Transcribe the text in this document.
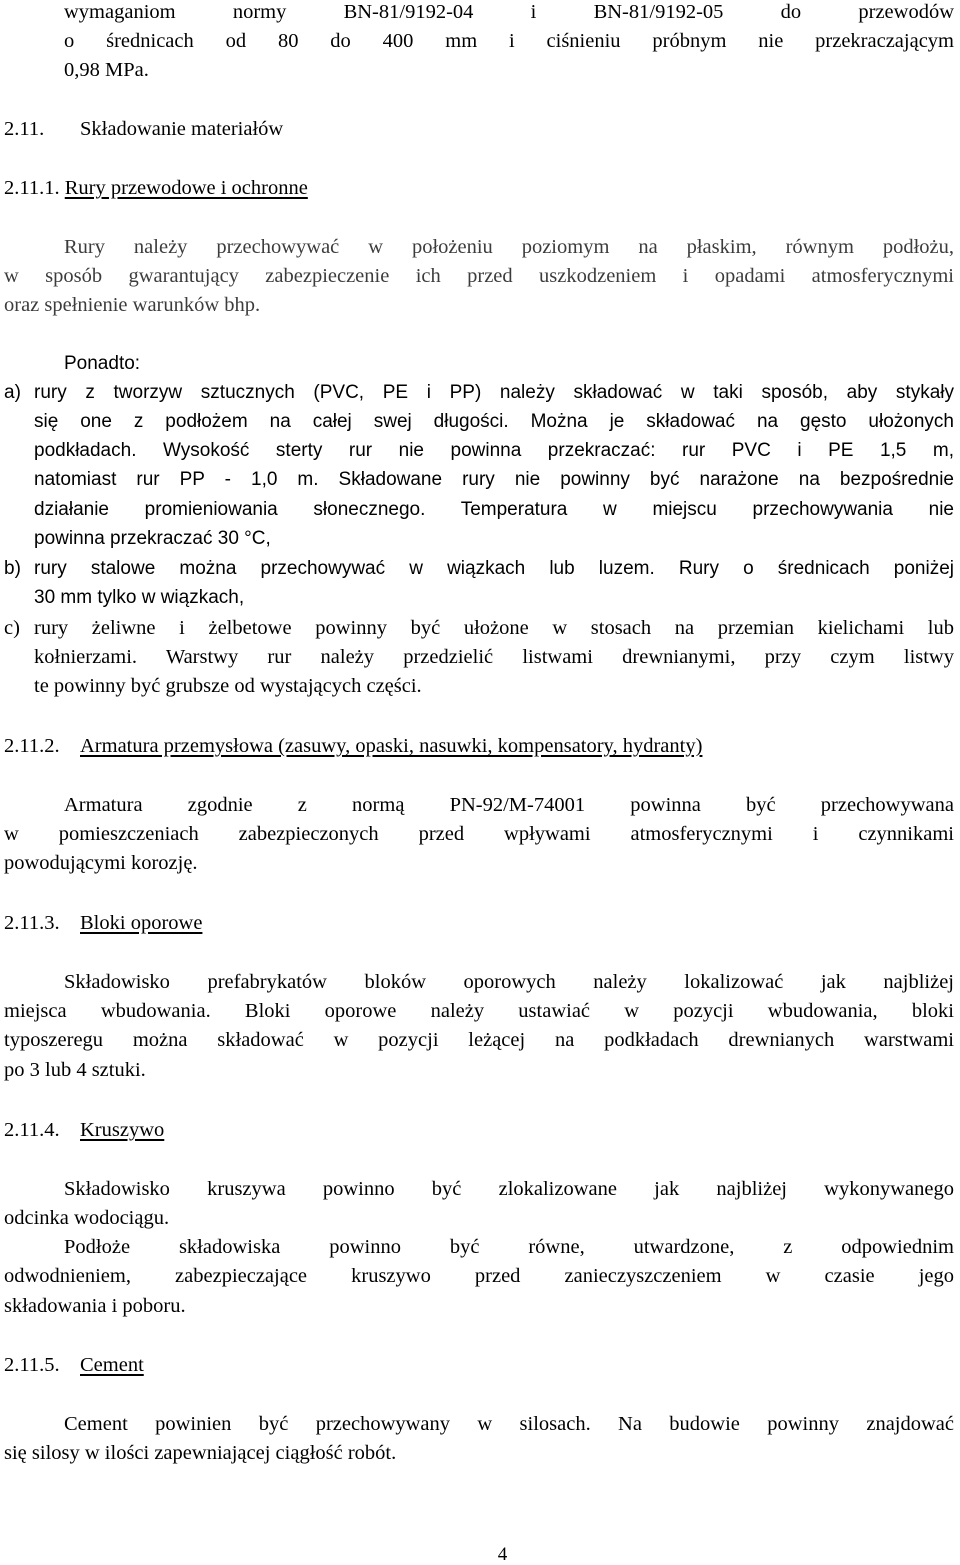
wymaganiom normy BN-81/9192-04 i BN-81/9192-05 do przewodów
o średnicach od 80 do 400 mm i ciśnieniu próbnym nie przekraczającym
0,98 MPa.
2.11. Składowanie materiałów
2.11.1. Rury przewodowe i ochronne
Rury należy przechowywać w położeniu poziomym na płaskim, równym podłożu,
w sposób gwarantujący zabezpieczenie ich przed uszkodzeniem i opadami atmosferycznymi
oraz spełnienie warunków bhp.
Ponadto:
a) rury z tworzyw sztucznych (PVC, PE i PP) należy składować w taki sposób, aby stykały
się one z podłożem na całej swej długości. Można je składować na gęsto ułożonych
podkładach. Wysokość sterty rur nie powinna przekraczać: rur PVC i PE 1,5 m,
natomiast rur PP - 1,0 m. Składowane rury nie powinny być narażone na bezpośrednie
działanie promieniowania słonecznego. Temperatura w miejscu przechowywania nie
powinna przekraczać 30 °C,
b) rury stalowe można przechowywać w wiązkach lub luzem. Rury o średnicach poniżej
30 mm tylko w wiązkach,
c) rury żeliwne i żelbetowe powinny być ułożone w stosach na przemian kielichami lub
kołnierzami. Warstwy rur należy przedzielić listwami drewnianymi, przy czym listwy
te powinny być grubsze od wystających części.
2.11.2. Armatura przemysłowa (zasuwy, opaski, nasuwki, kompensatory, hydranty)
Armatura zgodnie z normą PN-92/M-74001 powinna być przechowywana
w pomieszczeniach zabezpieczonych przed wpływami atmosferycznymi i czynnikami
powodującymi korozję.
2.11.3. Bloki oporowe
Składowisko prefabrykatów bloków oporowych należy lokalizować jak najbliżej
miejsca wbudowania. Bloki oporowe należy ustawiać w pozycji wbudowania, bloki
typoszeregu można składować w pozycji leżącej na podkładach drewnianych warstwami
po 3 lub 4 sztuki.
2.11.4. Kruszywo
Składowisko kruszywa powinno być zlokalizowane jak najbliżej wykonywanego
odcinka wodociągu.
Podłoże składowiska powinno być równe, utwardzone, z odpowiednim
odwodnieniem, zabezpieczające kruszywo przed zanieczyszczeniem w czasie jego
składowania i poboru.
2.11.5. Cement
Cement powinien być przechowywany w silosach. Na budowie powinny znajdować
się silosy w ilości zapewniającej ciągłość robót.
4
